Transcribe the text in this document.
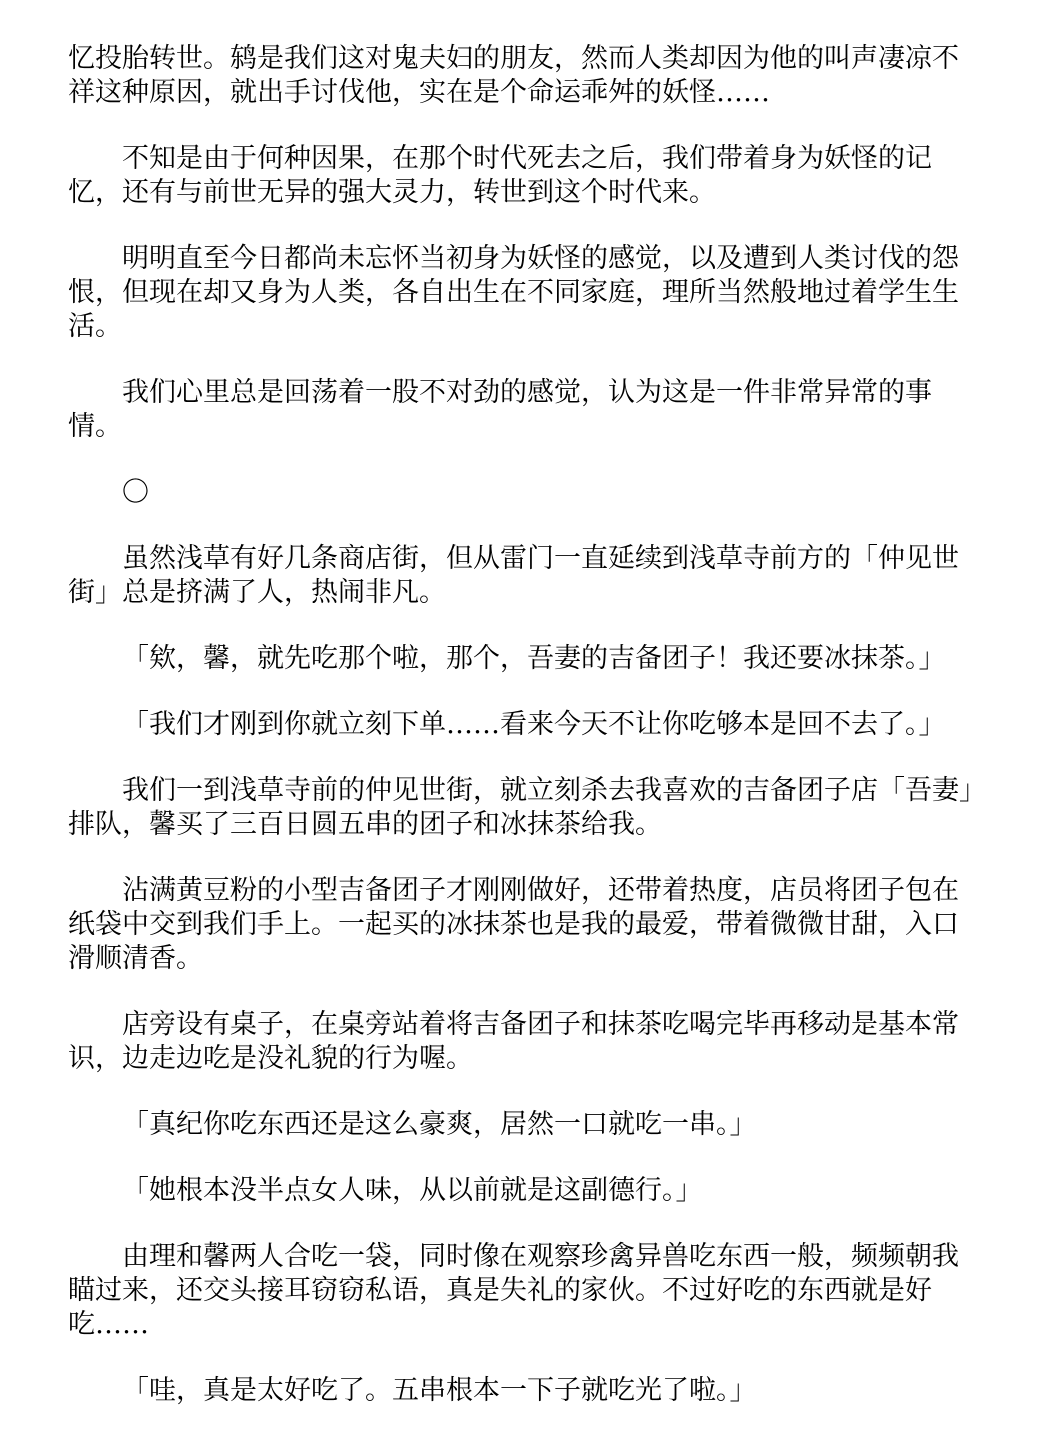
忆投胎转世。鸫是我们这对鬼夫妇的朋友，然而人类却因为他的叫声凄凉不祥这种原因，就出手讨伐他，实在是个命运乖舛的妖怪……

不知是由于何种因果，在那个时代死去之后，我们带着身为妖怪的记忆，还有与前世无异的强大灵力，转世到这个时代来。

明明直至今日都尚未忘怀当初身为妖怪的感觉，以及遭到人类讨伐的怨恨，但现在却又身为人类，各自出生在不同家庭，理所当然般地过着学生生活。

我们心里总是回荡着一股不对劲的感觉，认为这是一件非常异常的事情。

〇

虽然浅草有好几条商店街，但从雷门一直延续到浅草寺前方的「仲见世街」总是挤满了人，热闹非凡。

「欸，馨，就先吃那个啦，那个，吾妻的吉备团子！我还要冰抹茶。」

「我们才刚到你就立刻下单……看来今天不让你吃够本是回不去了。」

我们一到浅草寺前的仲见世街，就立刻杀去我喜欢的吉备团子店「吾妻」排队，馨买了三百日圆五串的团子和冰抹茶给我。

沾满黄豆粉的小型吉备团子才刚刚做好，还带着热度，店员将团子包在纸袋中交到我们手上。一起买的冰抹茶也是我的最爱，带着微微甘甜，入口滑顺清香。

店旁设有桌子，在桌旁站着将吉备团子和抹茶吃喝完毕再移动是基本常识，边走边吃是没礼貌的行为喔。

「真纪你吃东西还是这么豪爽，居然一口就吃一串。」

「她根本没半点女人味，从以前就是这副德行。」

由理和馨两人合吃一袋，同时像在观察珍禽异兽吃东西一般，频频朝我瞄过来，还交头接耳窃窃私语，真是失礼的家伙。不过好吃的东西就是好吃……

「哇，真是太好吃了。五串根本一下子就吃光了啦。」
